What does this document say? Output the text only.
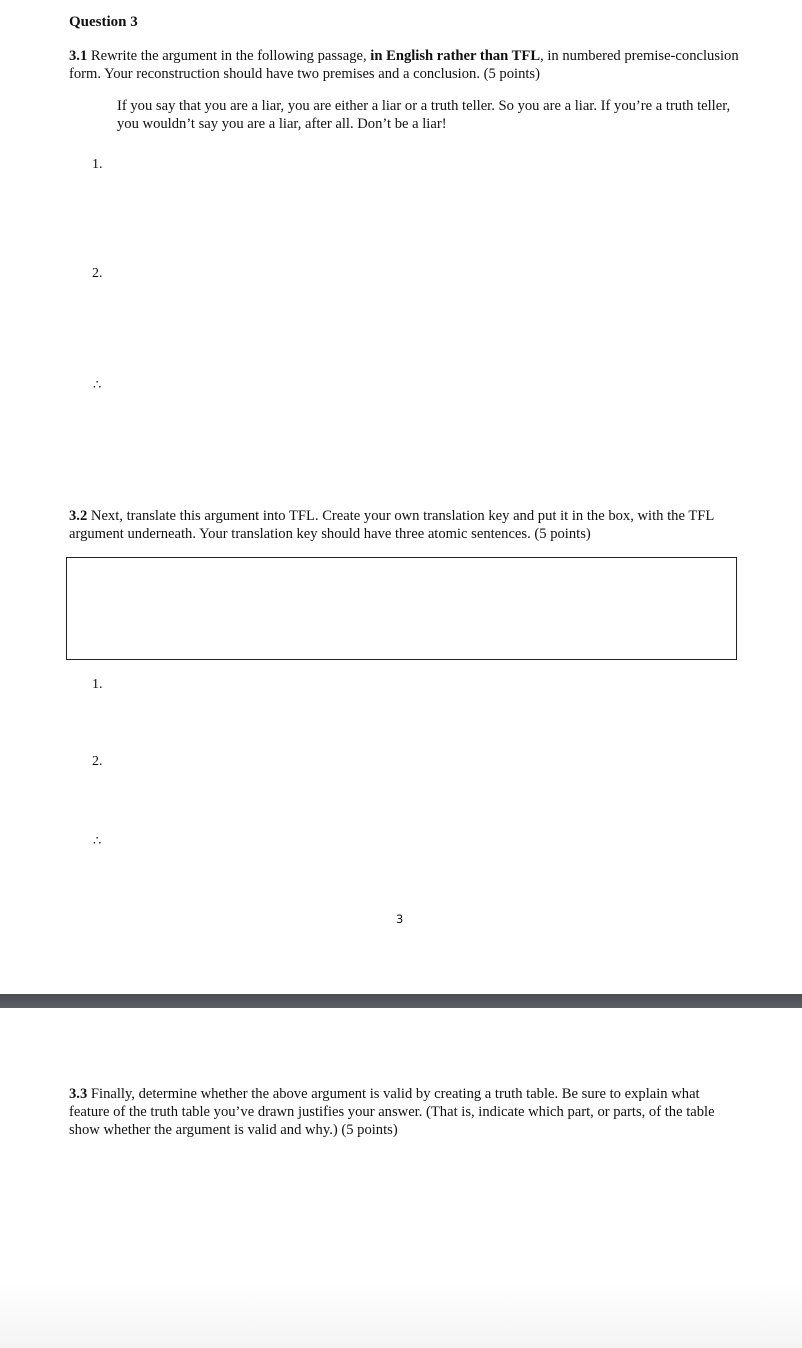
Question 3
3.1 Rewrite the argument in the following passage, in English rather than TFL, in numbered premise-conclusion form. Your reconstruction should have two premises and a conclusion. (5 points)
If you say that you are a liar, you are either a liar or a truth teller. So you are a liar. If you’re a truth teller, you wouldn’t say you are a liar, after all. Don’t be a liar!
1.
2.
∴
3.2 Next, translate this argument into TFL. Create your own translation key and put it in the box, with the TFL argument underneath. Your translation key should have three atomic sentences. (5 points)
1.
2.
∴
3
3.3 Finally, determine whether the above argument is valid by creating a truth table. Be sure to explain what feature of the truth table you’ve drawn justifies your answer. (That is, indicate which part, or parts, of the table show whether the argument is valid and why.) (5 points)
